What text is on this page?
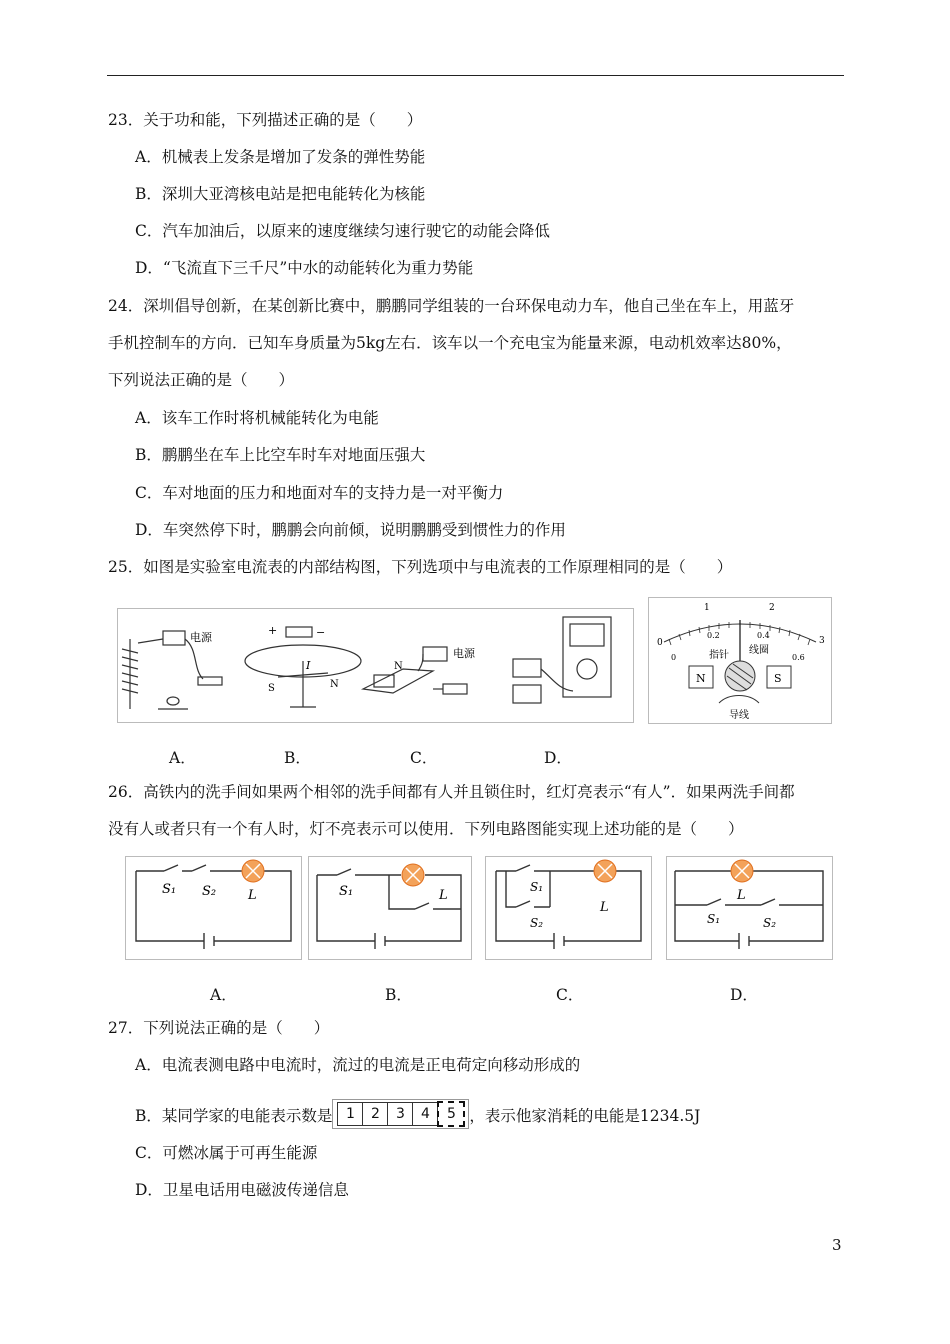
23．关于功和能，下列描述正确的是（　　）
A．机械表上发条是增加了发条的弹性势能
B．深圳大亚湾核电站是把电能转化为核能
C．汽车加油后，以原来的速度继续匀速行驶它的动能会降低
D．“飞流直下三千尺”中水的动能转化为重力势能
24．深圳倡导创新，在某创新比赛中，鹏鹏同学组装的一台环保电动力车，他自己坐在车上，用蓝牙
手机控制车的方向．已知车身质量为5kg左右．该车以一个充电宝为能量来源，电动机效率达80%，
下列说法正确的是（　　）
A．该车工作时将机械能转化为电能
B．鹏鹏坐在车上比空车时车对地面压强大
C．车对地面的压力和地面对车的支持力是一对平衡力
D．车突然停下时，鹏鹏会向前倾，说明鹏鹏受到惯性力的作用
25．如图是实验室电流表的内部结构图，下列选项中与电流表的工作原理相同的是（　　）
电源
+	−
I
S	N
N
电源
0
1	2
3
0
0.2	0.4
0.6
指针 线圈
N	S
导线
A．	B．	C．	D．
26．高铁内的洗手间如果两个相邻的洗手间都有人并且锁住时，红灯亮表示“有人”．如果两洗手间都
没有人或者只有一个有人时，灯不亮表示可以使用．下列电路图能实现上述功能的是（　　）
S₁ S₂ L	S₁	L
S₁
S₂
L
L
S₁	S₂
A．	B．	C．	D．
27．下列说法正确的是（　　）
A．电流表测电路中电流时，流过的电流是正电荷定向移动形成的
B．某同学家的电能表示数是 1 2 3 4 5 ，表示他家消耗的电能是1234.5J
C．可燃冰属于可再生能源
D．卫星电话用电磁波传递信息
3
